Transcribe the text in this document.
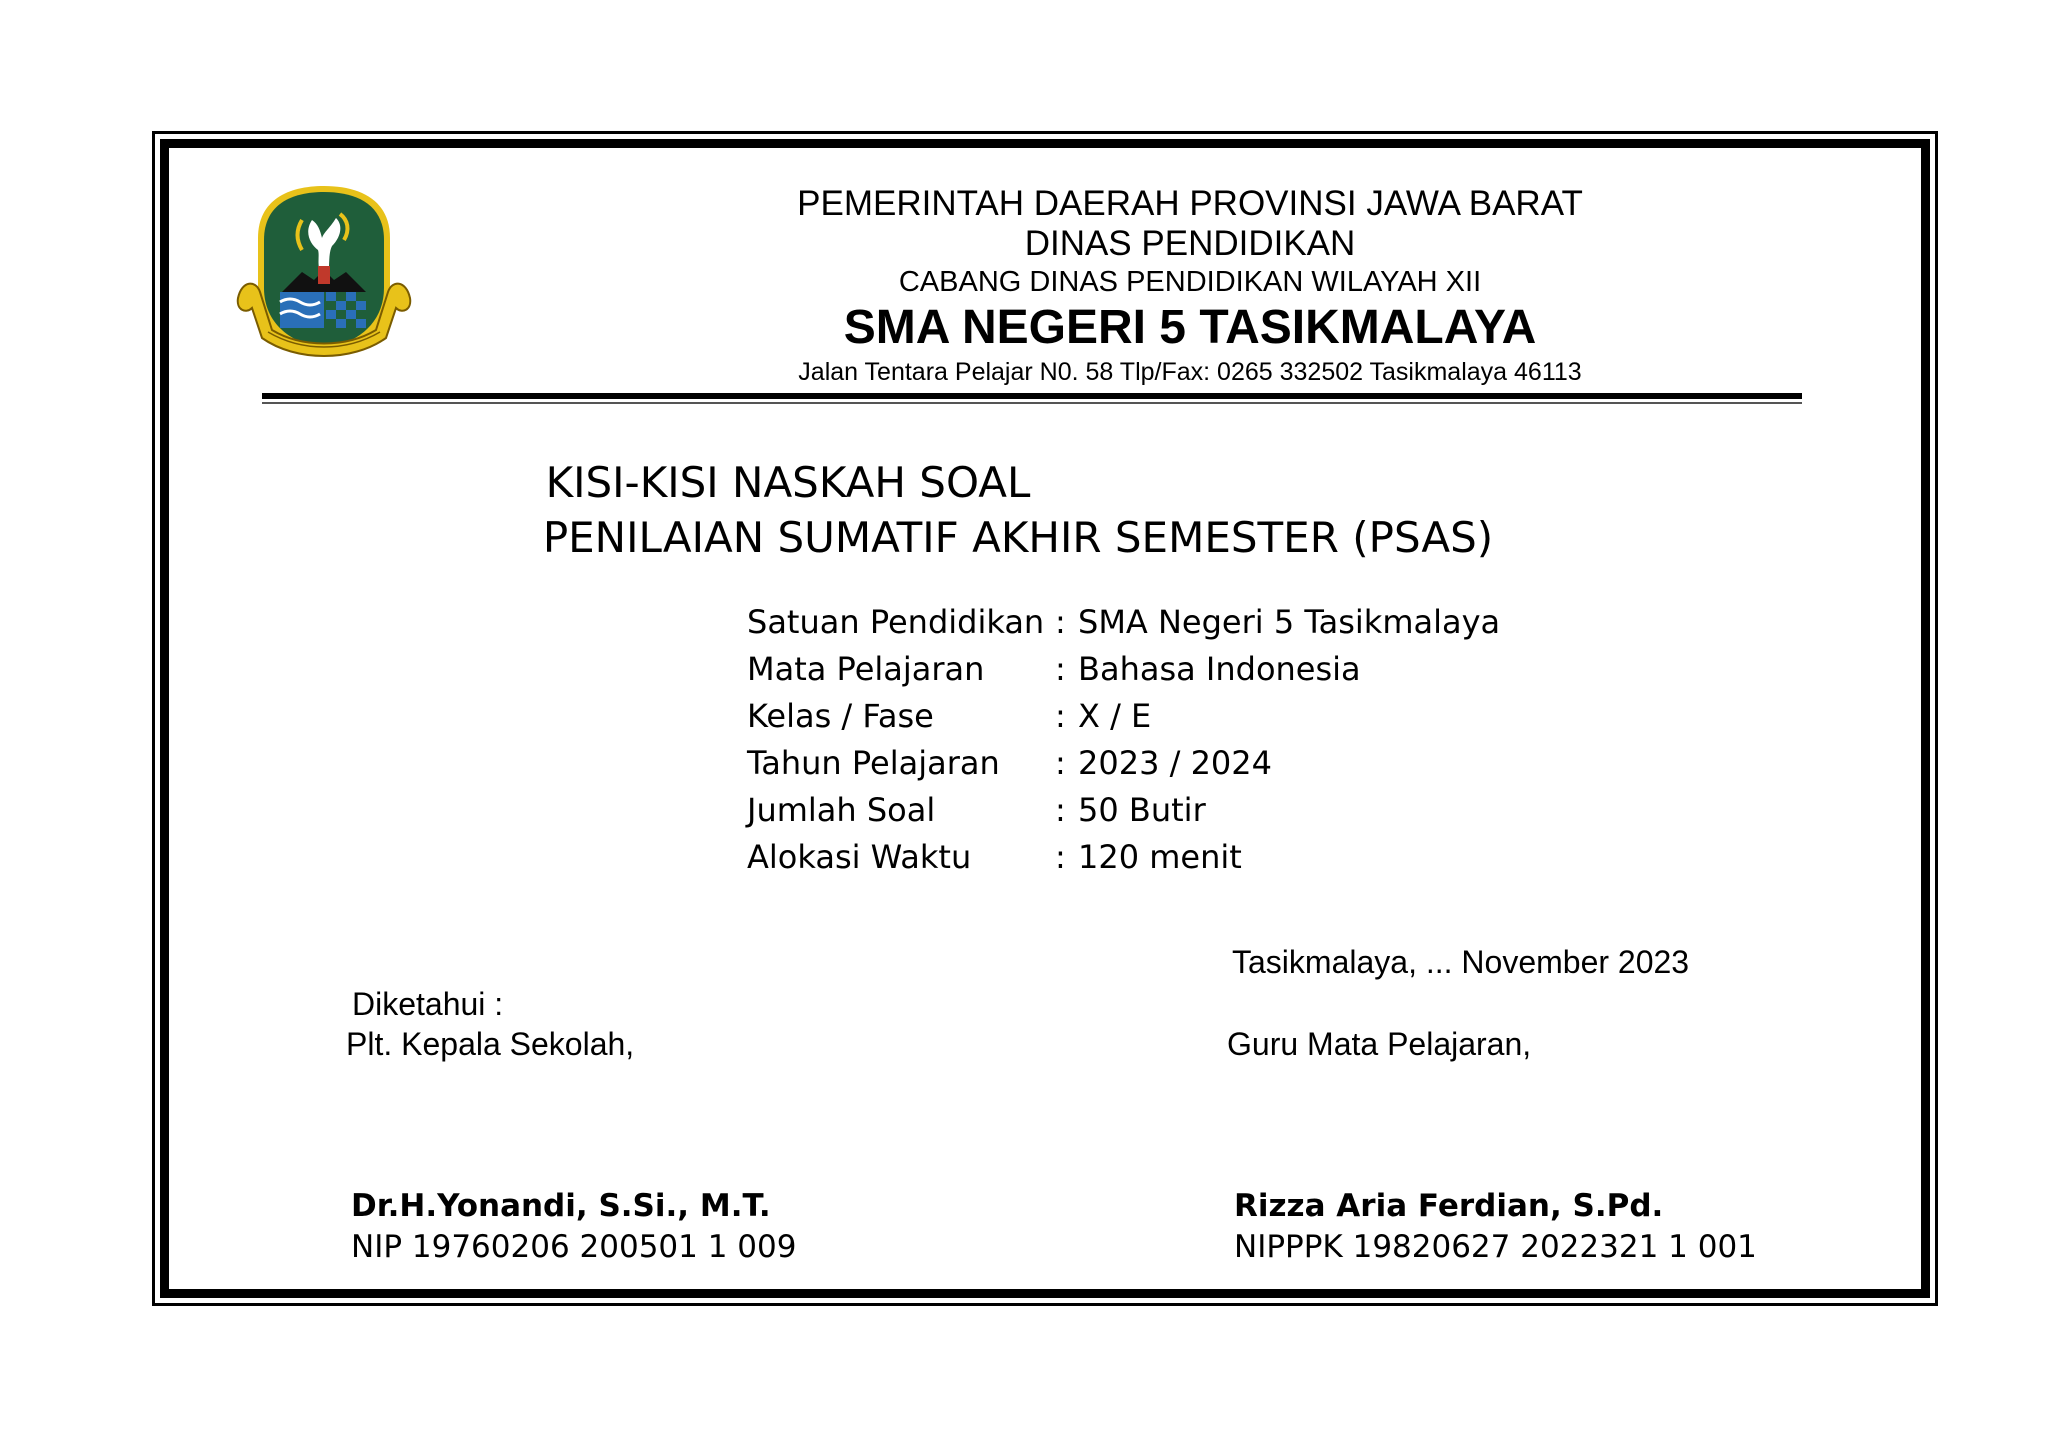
PEMERINTAH DAERAH PROVINSI JAWA BARAT
DINAS PENDIDIKAN
CABANG DINAS PENDIDIKAN WILAYAH XII
SMA NEGERI 5 TASIKMALAYA
Jalan Tentara Pelajar N0. 58 Tlp/Fax: 0265 332502 Tasikmalaya 46113
KISI-KISI NASKAH SOAL
PENILAIAN SUMATIF AKHIR SEMESTER (PSAS)
Satuan Pendidikan : SMA Negeri 5 Tasikmalaya
Mata Pelajaran : Bahasa Indonesia
Kelas / Fase	: X / E
Tahun Pelajaran : 2023 / 2024
Jumlah Soal	: 50 Butir
Alokasi Waktu	: 120 menit
Tasikmalaya, ... November 2023
Diketahui :
Plt. Kepala Sekolah,	Guru Mata Pelajaran,
Dr.H.Yonandi, S.Si., M.T.
NIP 19760206 200501 1 009
Rizza Aria Ferdian, S.Pd.
NIPPPK 19820627 2022321 1 001
